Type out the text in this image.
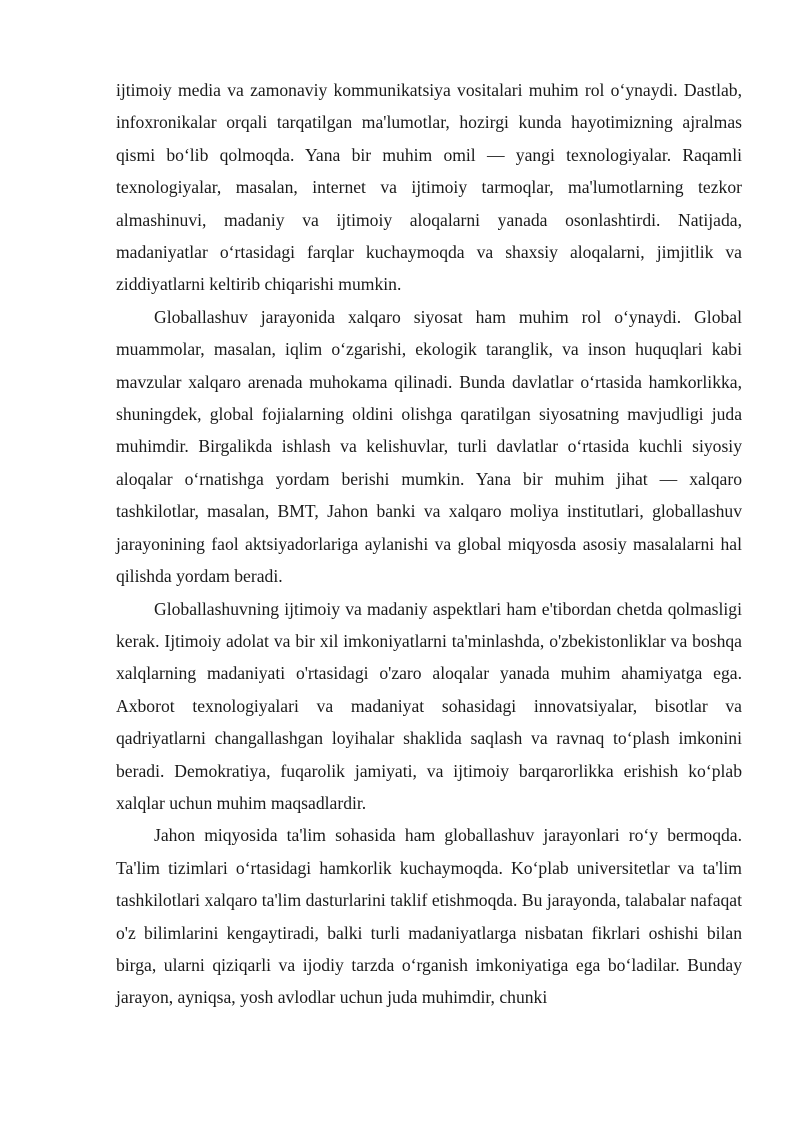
ijtimoiy media va zamonaviy kommunikatsiya vositalari muhim rol o‘ynaydi. Dastlab, infoxronikalar orqali tarqatilgan ma'lumotlar, hozirgi kunda hayotimizning ajralmas qismi bo‘lib qolmoqda. Yana bir muhim omil — yangi texnologiyalar. Raqamli texnologiyalar, masalan, internet va ijtimoiy tarmoqlar, ma'lumotlarning tezkor almashinuvi, madaniy va ijtimoiy aloqalarni yanada osonlashtirdi. Natijada, madaniyatlar o‘rtasidagi farqlar kuchaymoqda va shaxsiy aloqalarni, jimjitlik va ziddiyatlarni keltirib chiqarishi mumkin.

Globallashuv jarayonida xalqaro siyosat ham muhim rol o‘ynaydi. Global muammolar, masalan, iqlim o‘zgarishi, ekologik taranglik, va inson huquqlari kabi mavzular xalqaro arenada muhokama qilinadi. Bunda davlatlar o‘rtasida hamkorlikka, shuningdek, global fojialarning oldini olishga qaratilgan siyosatning mavjudligi juda muhimdir. Birgalikda ishlash va kelishuvlar, turli davlatlar o‘rtasida kuchli siyosiy aloqalar o‘rnatishga yordam berishi mumkin. Yana bir muhim jihat — xalqaro tashkilotlar, masalan, BMT, Jahon banki va xalqaro moliya institutlari, globallashuv jarayonining faol aktsiyadorlariga aylanishi va global miqyosda asosiy masalalarni hal qilishda yordam beradi.

Globallashuvning ijtimoiy va madaniy aspektlari ham e'tibordan chetda qolmasligi kerak. Ijtimoiy adolat va bir xil imkoniyatlarni ta'minlashda, o'zbekistonliklar va boshqa xalqlarning madaniyati o'rtasidagi o'zaro aloqalar yanada muhim ahamiyatga ega. Axborot texnologiyalari va madaniyat sohasidagi innovatsiyalar, bisotlar va qadriyatlarni changallashgan loyihalar shaklida saqlash va ravnaq to‘plash imkonini beradi. Demokratiya, fuqarolik jamiyati, va ijtimoiy barqarorlikka erishish ko‘plab xalqlar uchun muhim maqsadlardir.

Jahon miqyosida ta'lim sohasida ham globallashuv jarayonlari ro‘y bermoqda. Ta'lim tizimlari o‘rtasidagi hamkorlik kuchaymoqda. Ko‘plab universitetlar va ta'lim tashkilotlari xalqaro ta'lim dasturlarini taklif etishmoqda. Bu jarayonda, talabalar nafaqat o'z bilimlarini kengaytiradi, balki turli madaniyatlarga nisbatan fikrlari oshishi bilan birga, ularni qiziqarli va ijodiy tarzda o‘rganish imkoniyatiga ega bo‘ladilar. Bunday jarayon, ayniqsa, yosh avlodlar uchun juda muhimdir, chunki
